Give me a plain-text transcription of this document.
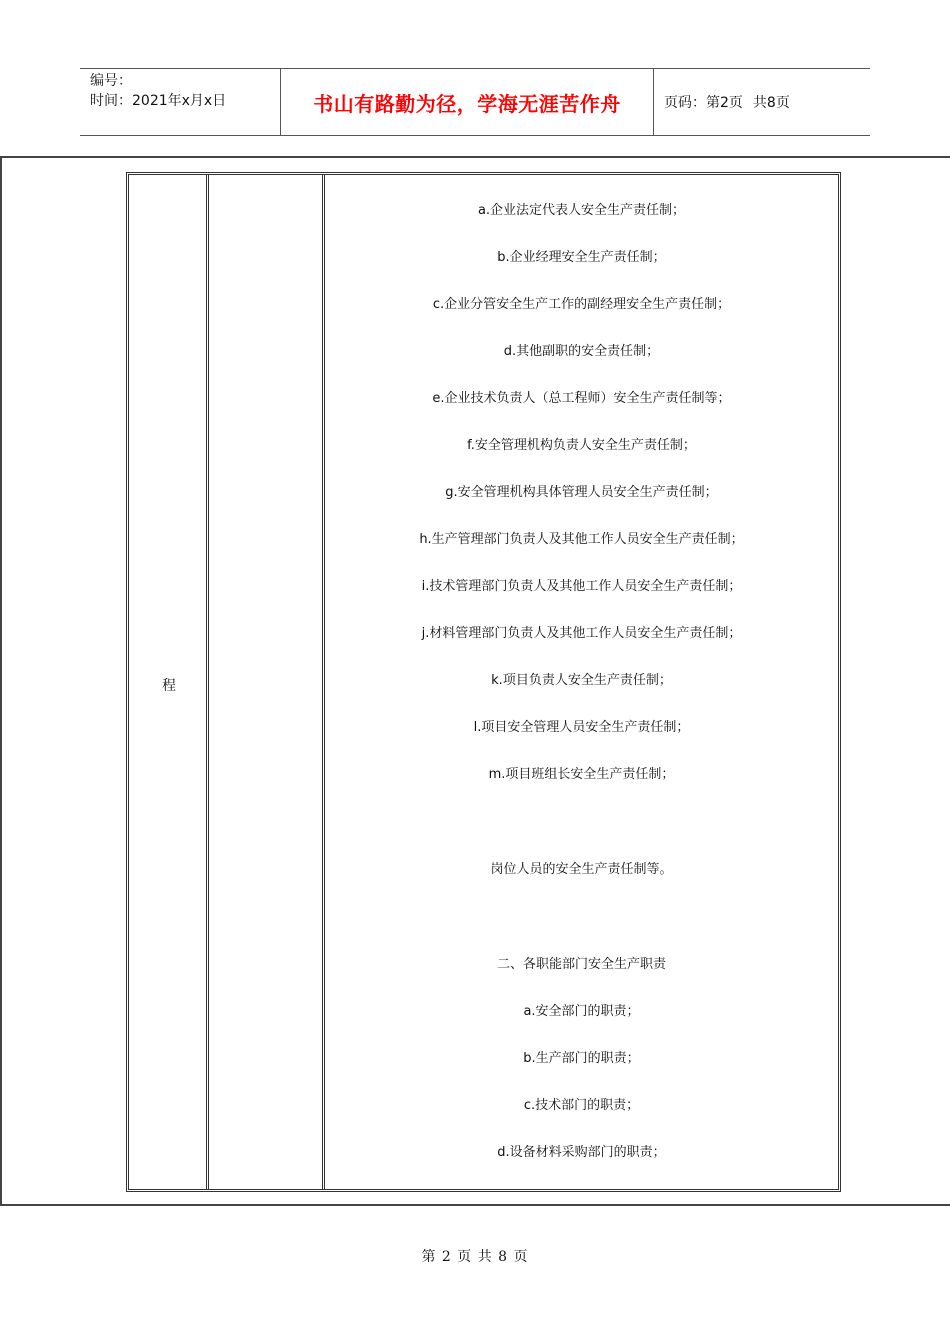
编号：
时间：2021年x月x日	书山有路勤为径，学海无涯苦作舟	页码：第2页 共8页
程
a.企业法定代表人安全生产责任制；
b.企业经理安全生产责任制；
c.企业分管安全生产工作的副经理安全生产责任制；
d.其他副职的安全责任制；
e.企业技术负责人（总工程师）安全生产责任制等；
f.安全管理机构负责人安全生产责任制；
g.安全管理机构具体管理人员安全生产责任制；
h.生产管理部门负责人及其他工作人员安全生产责任制；
i.技术管理部门负责人及其他工作人员安全生产责任制；
j.材料管理部门负责人及其他工作人员安全生产责任制；
k.项目负责人安全生产责任制；
l.项目安全管理人员安全生产责任制；
m.项目班组长安全生产责任制；
岗位人员的安全生产责任制等。
二、各职能部门安全生产职责
a.安全部门的职责；
b.生产部门的职责；
c.技术部门的职责；
d.设备材料采购部门的职责；
第 2 页 共 8 页
